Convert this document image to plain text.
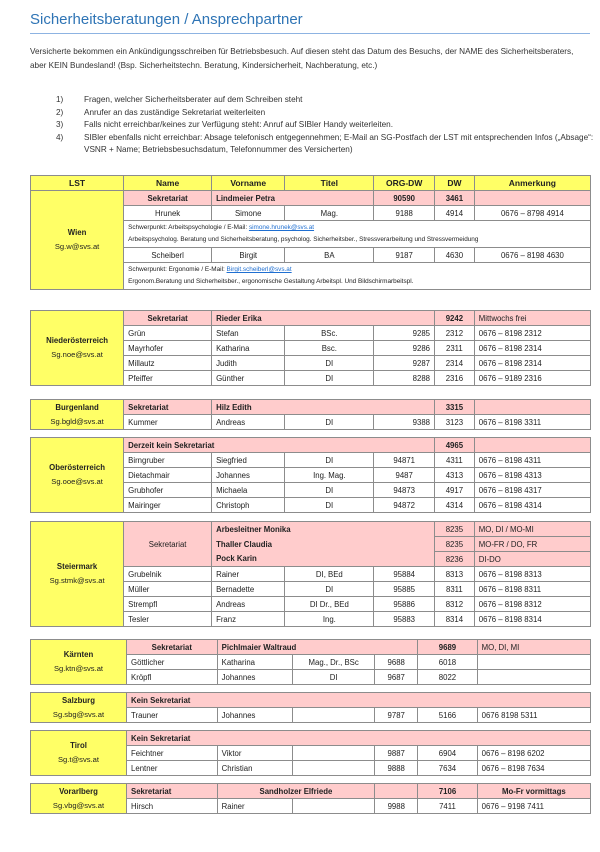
Sicherheitsberatungen / Ansprechpartner
Versicherte bekommen ein Ankündigungsschreiben für Betriebsbesuch. Auf diesen steht das Datum des Besuchs, der NAME des Sicherheitsberaters, aber KEIN Bundesland! (Bsp. Sicherheitstechn. Beratung, Kindersicherheit, Nachberatung, etc.)
1)	Fragen, welcher Sicherheitsberater auf dem Schreiben steht
2)	Anrufer an das zuständige Sekretariat weiterleiten
3)	Falls nicht erreichbar/keines zur Verfügung steht: Anruf auf SIBler Handy weiterleiten.
4)	SIBler ebenfalls nicht erreichbar: Absage telefonisch entgegennehmen; E-Mail an SG-Postfach der LST mit entsprechenden Infos („Absage“: VSNR + Name; Betriebsbesuchsdatum, Telefonnummer des Versicherten)
LST	Name	Vorname	Titel	ORG-DW	DW	Anmerkung
Wien
Sg.w@svs.at	Sekretariat	Lindmeier Petra		90590	3461	
	Hrunek	Simone	Mag.	9188	4914	0676 – 8798 4914
	Schwerpunkt: Arbeitspsychologie / E-Mail: simone.hrunek@svs.at
Arbeitspsycholog. Beratung und Sicherheitsberatung, psycholog. Sicherheitsber., Stressverarbeitung und Stressvermeidung					
	Scheiberl	Birgit	BA	9187	4630	0676 – 8198 4630
	Schwerpunkt: Ergonomie / E-Mail: Birgit.scheiberl@svs.at
Ergonom.Beratung und Sicherheitsber., ergonomische Gestaltung Arbeitspl. Und Bildschirmarbeitspl.					
Niederösterreich
Sg.noe@svs.at	Sekretariat	Rieder Erika			9242	Mittwochs frei
	Grün	Stefan	BSc.	9285	2312	0676 – 8198 2312
	Mayrhofer	Katharina	Bsc.	9286	2311	0676 – 8198 2314
	Millautz	Judith	DI	9287	2314	0676 – 8198 2314
	Pfeiffer	Günther	DI	8288	2316	0676 – 9189 2316
Burgenland
Sg.bgld@svs.at	Sekretariat	Hilz Edith			3315	
	Kummer	Andreas	DI	9388	3123	0676 – 8198 3311
Oberösterreich
Sg.ooe@svs.at	Derzeit kein Sekretariat				4965	
	Birngruber	Siegfried	DI	94871	4311	0676 – 8198 4311
	Dietachmair	Johannes	Ing. Mag.	9487	4313	0676 – 8198 4313
	Grubhofer	Michaela	DI	94873	4917	0676 – 8198 4317
	Mairinger	Christoph	DI	94872	4314	0676 – 8198 4314
Steiermark
Sg.stmk@svs.at	Sekretariat	Arbesleitner Monika			8235	MO, DI / MO-MI
		Thaller Claudia			8235	MO-FR / DO, FR
		Pock Karin			8236	DI-DO
	Grubelnik	Rainer	DI, BEd	95884	8313	0676 – 8198 8313
	Müller	Bernadette	DI	95885	8311	0676 – 8198 8311
	Strempfl	Andreas	DI Dr., BEd	95886	8312	0676 – 8198 8312
	Tesler	Franz	Ing.	95883	8314	0676 – 8198 8314
Kärnten
Sg.ktn@svs.at	Sekretariat	Pichlmaier Waltraud			9689	MO, DI, MI
	Göttlicher	Katharina	Mag., Dr., BSc	9688	6018	
	Kröpfl	Johannes	DI	9687	8022	
Salzburg
Sg.sbg@svs.at	Kein Sekretariat					
	Trauner	Johannes		9787	5166	0676 8198 5311
Tirol
Sg.t@svs.at	Kein Sekretariat					
	Feichtner	Viktor		9887	6904	0676 – 8198 6202
	Lentner	Christian		9888	7634	0676 – 8198 7634
Vorarlberg
Sg.vbg@svs.at	Sekretariat	Sandholzer Elfriede			7106	Mo-Fr vormittags
	Hirsch	Rainer		9988	7411	0676 – 9198 7411
